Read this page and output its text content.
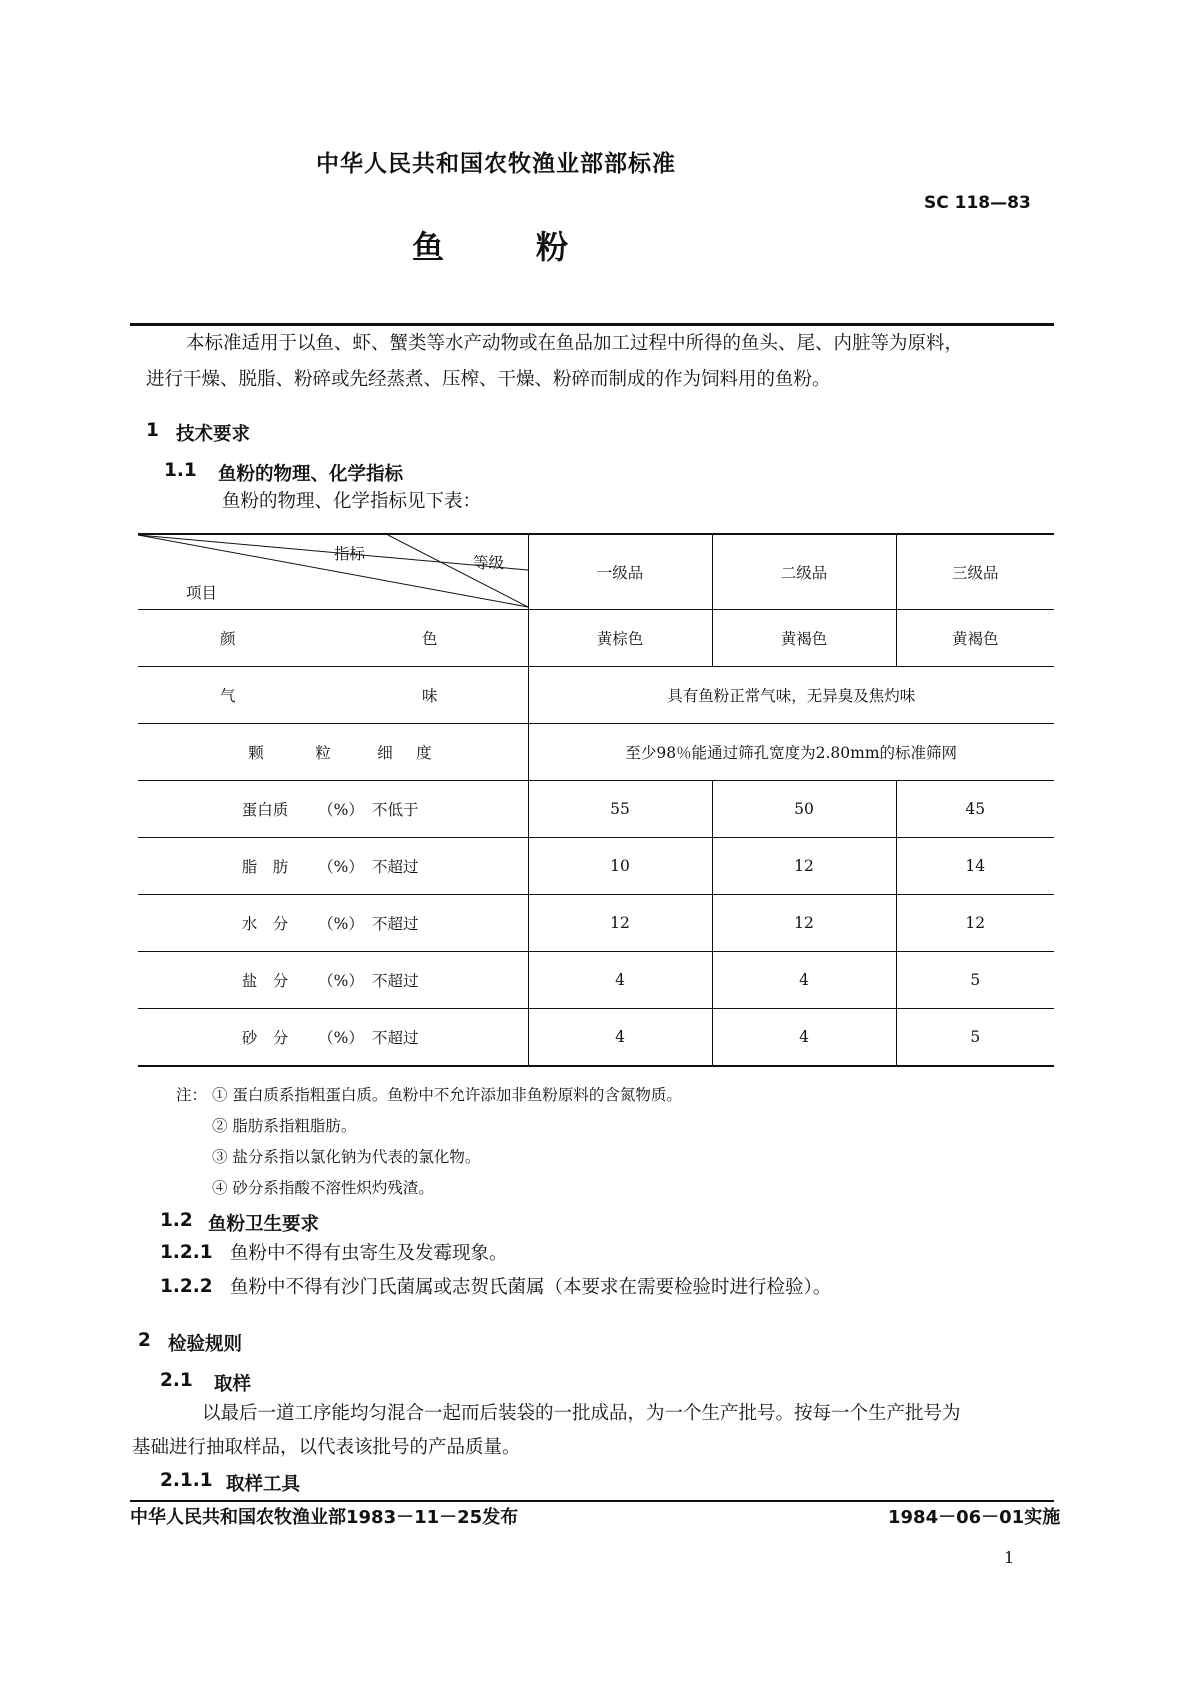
中华人民共和国农牧渔业部部标准
SC 118—83
鱼	粉
本标准适用于以鱼、虾、蟹类等水产动物或在鱼品加工过程中所得的鱼头、尾、内脏等为原料，
进行干燥、脱脂、粉碎或先经蒸煮、压榨、干燥、粉碎而制成的作为饲料用的鱼粉。
1 技术要求
1.1 鱼粉的物理、化学指标
鱼粉的物理、化学指标见下表：
指标 等级
项目	一级品	二级品	三级品

颜 色	黄棕色	黄褐色	黄褐色

气 味	具有鱼粉正常气味，无异臭及焦灼味		

颗 粒 细 度	至少98％能通过筛孔宽度为2.80mm的标准筛网		

蛋白质 （%） 不低于	55	50	45

脂　肪 （%） 不超过	10	12	14

水　分 （%） 不超过	12	12	12

盐　分 （%） 不超过	4	4	5

砂　分 （%） 不超过	4	4	5
注： ① 蛋白质系指粗蛋白质。鱼粉中不允许添加非鱼粉原料的含氮物质。
② 脂肪系指粗脂肪。
③ 盐分系指以氯化钠为代表的氯化物。
④ 砂分系指酸不溶性炽灼残渣。
1.2 鱼粉卫生要求
1.2.1 鱼粉中不得有虫寄生及发霉现象。
1.2.2 鱼粉中不得有沙门氏菌属或志贺氏菌属（本要求在需要检验时进行检验）。
2 检验规则
2.1 取样
以最后一道工序能均匀混合一起而后装袋的一批成品，为一个生产批号。按每一个生产批号为
基础进行抽取样品，以代表该批号的产品质量。
2.1.1 取样工具
中华人民共和国农牧渔业部1983－11－25发布	1984－06－01实施
1
